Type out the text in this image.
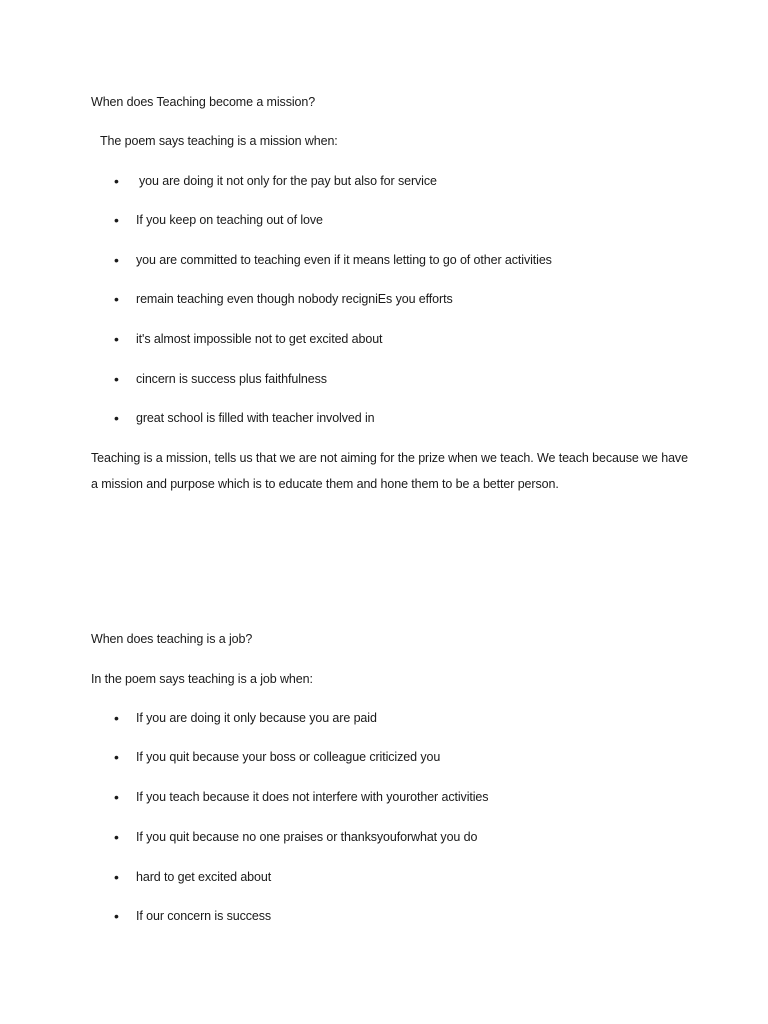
When does Teaching become a mission?
The poem says teaching is a mission when:
• you are doing it not only for the pay but also for service
• If you keep on teaching out of love
• you are committed to teaching even if it means letting to go of other activities
• remain teaching even though nobody recigniEs you efforts
• it's almost impossible not to get excited about
• cincern is success plus faithfulness
• great school is filled with teacher involved in
Teaching is a mission, tells us that we are not aiming for the prize when we teach. We teach because we have a mission and purpose which is to educate them and hone them to be a better person.
When does teaching is a job?
In the poem says teaching is a job when:
• If you are doing it only because you are paid
• If you quit because your boss or colleague criticized you
• If you teach because it does not interfere with yourother activities
• If you quit because no one praises or thanksyouforwhat you do
• hard to get excited about
• If our concern is success
